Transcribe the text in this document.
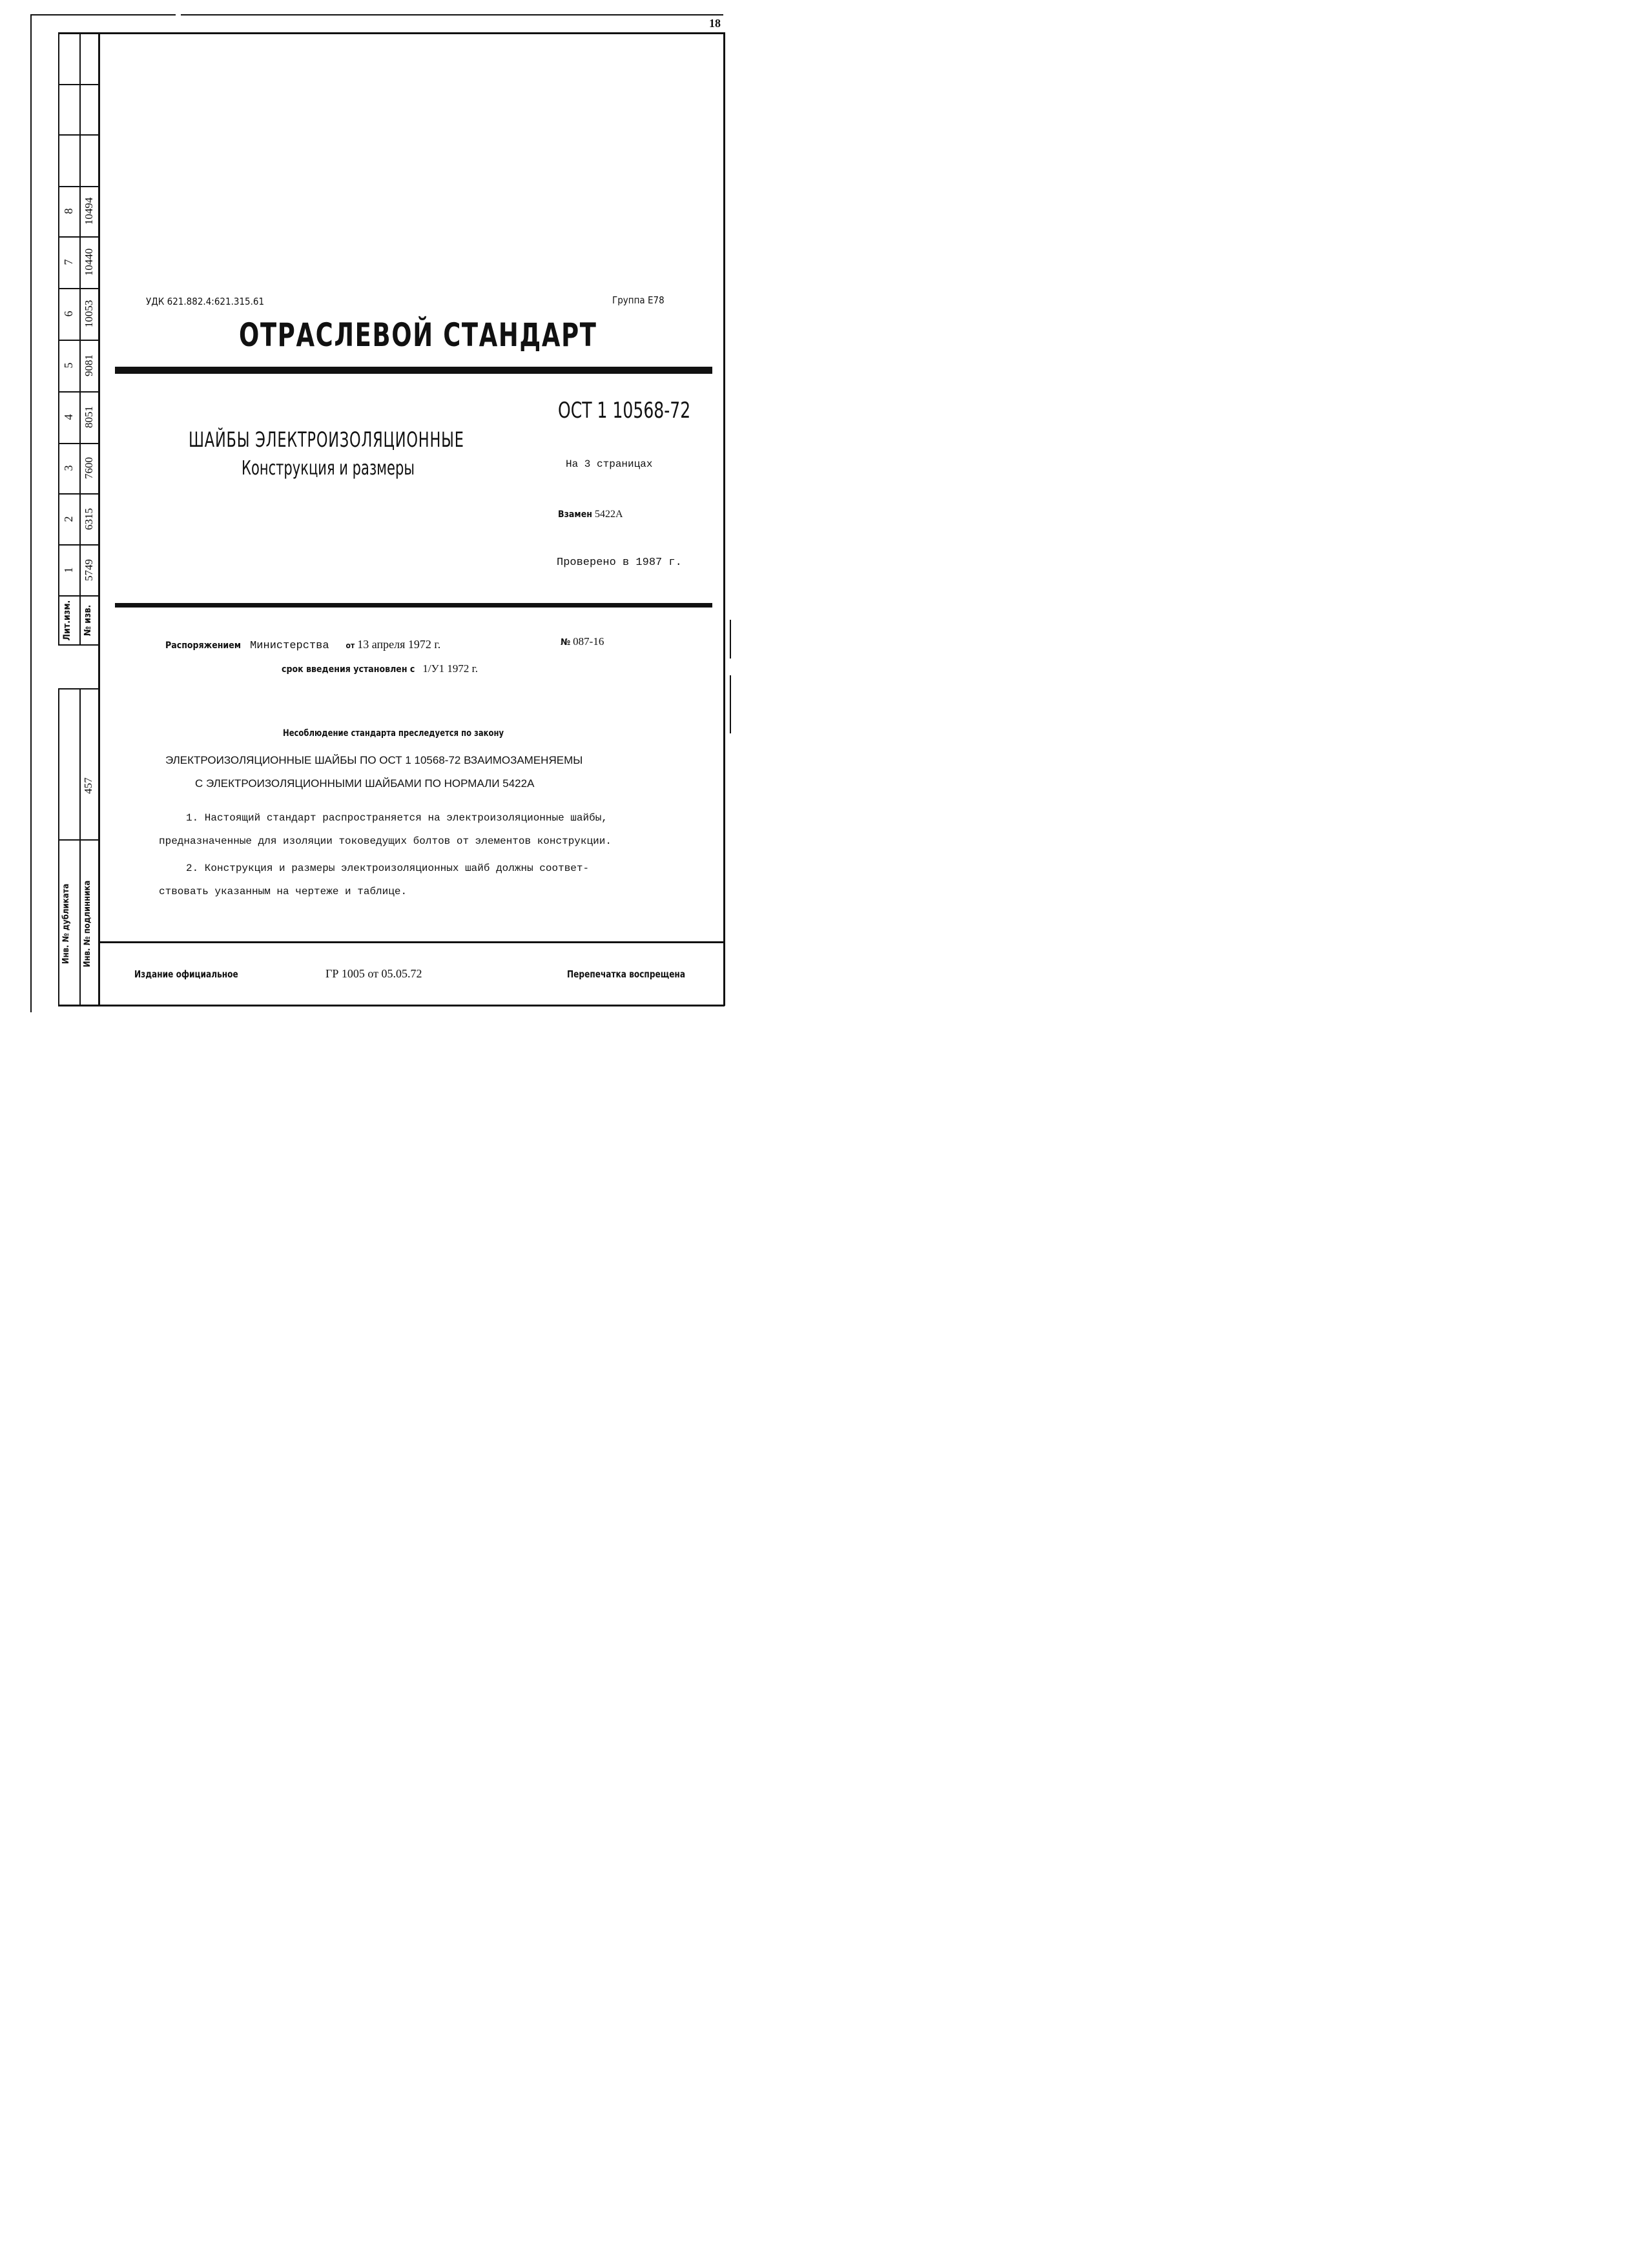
18
8 10494
7 10440
6 10053
5 9081
4 8051
3 7600
2 6315
1 5749
Лит.изм.	№ изв.
457
Инв. № дубликата	Инв. № подлинника
УДК 621.882.4:621.315.61	Группа Е78
ОТРАСЛЕВОЙ СТАНДАРТ
ОСТ 1 10568-72
ШАЙБЫ ЭЛЕКТРОИЗОЛЯЦИОННЫЕ
Конструкция и размеры	На 3 страницах
Взамен 5422А
Проверено в 1987 г.
Распоряжением Министерства от 13 апреля 1972 г.	№ 087-16
срок введения установлен с 1/У1 1972 г.
Несоблюдение стандарта преследуется по закону
ЭЛЕКТРОИЗОЛЯЦИОННЫЕ ШАЙБЫ ПО ОСТ 1 10568-72 ВЗАИМОЗАМЕНЯЕМЫ
С ЭЛЕКТРОИЗОЛЯЦИОННЫМИ ШАЙБАМИ ПО НОРМАЛИ 5422А
1. Настоящий стандарт распространяется на электроизоляционные шайбы,
предназначенные для изоляции токоведущих болтов от элементов конструкции.
2. Конструкция и размеры электроизоляционных шайб должны соответ-
ствовать указанным на чертеже и таблице.
Издание официальное	ГР 1005 от 05.05.72	Перепечатка воспрещена
